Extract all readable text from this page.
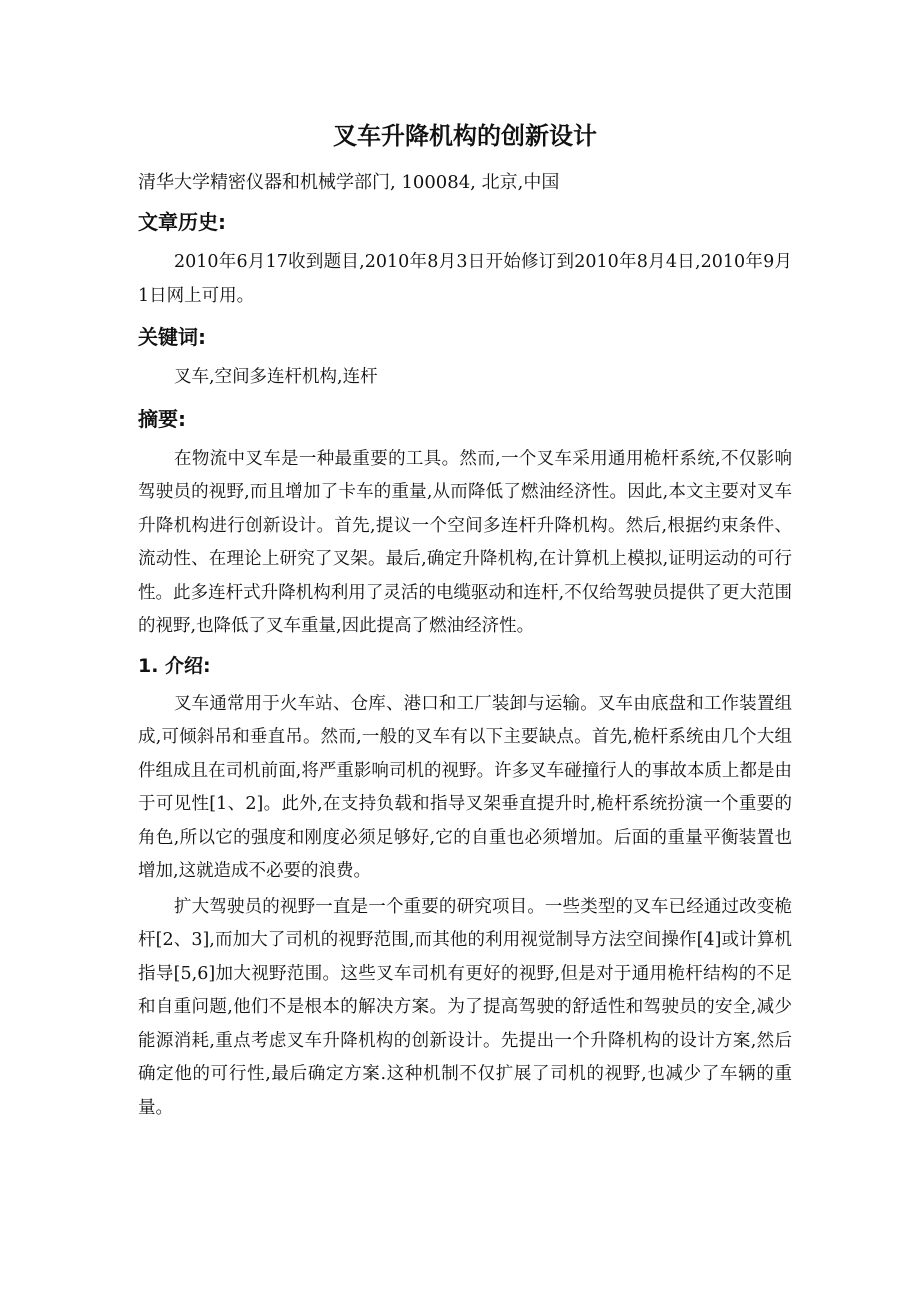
叉车升降机构的创新设计
清华大学精密仪器和机械学部门, 100084, 北京,中国
文章历史:
2010年6月17收到题目,2010年8月3日开始修订到2010年8月4日,2010年9月1日网上可用。
关键词:
叉车,空间多连杆机构,连杆
摘要:
在物流中叉车是一种最重要的工具。然而,一个叉车采用通用桅杆系统,不仅影响驾驶员的视野,而且增加了卡车的重量,从而降低了燃油经济性。因此,本文主要对叉车升降机构进行创新设计。首先,提议一个空间多连杆升降机构。然后,根据约束条件、流动性、在理论上研究了叉架。最后,确定升降机构,在计算机上模拟,证明运动的可行性。此多连杆式升降机构利用了灵活的电缆驱动和连杆,不仅给驾驶员提供了更大范围的视野,也降低了叉车重量,因此提高了燃油经济性。
1. 介绍:
叉车通常用于火车站、仓库、港口和工厂装卸与运输。叉车由底盘和工作装置组成,可倾斜吊和垂直吊。然而,一般的叉车有以下主要缺点。首先,桅杆系统由几个大组件组成且在司机前面,将严重影响司机的视野。许多叉车碰撞行人的事故本质上都是由于可见性[1、2]。此外,在支持负载和指导叉架垂直提升时,桅杆系统扮演一个重要的角色,所以它的强度和刚度必须足够好,它的自重也必须增加。后面的重量平衡装置也增加,这就造成不必要的浪费。
扩大驾驶员的视野一直是一个重要的研究项目。一些类型的叉车已经通过改变桅杆[2、3],而加大了司机的视野范围,而其他的利用视觉制导方法空间操作[4]或计算机指导[5,6]加大视野范围。这些叉车司机有更好的视野,但是对于通用桅杆结构的不足和自重问题,他们不是根本的解决方案。为了提高驾驶的舒适性和驾驶员的安全,减少能源消耗,重点考虑叉车升降机构的创新设计。先提出一个升降机构的设计方案,然后确定他的可行性,最后确定方案.这种机制不仅扩展了司机的视野,也减少了车辆的重量。
